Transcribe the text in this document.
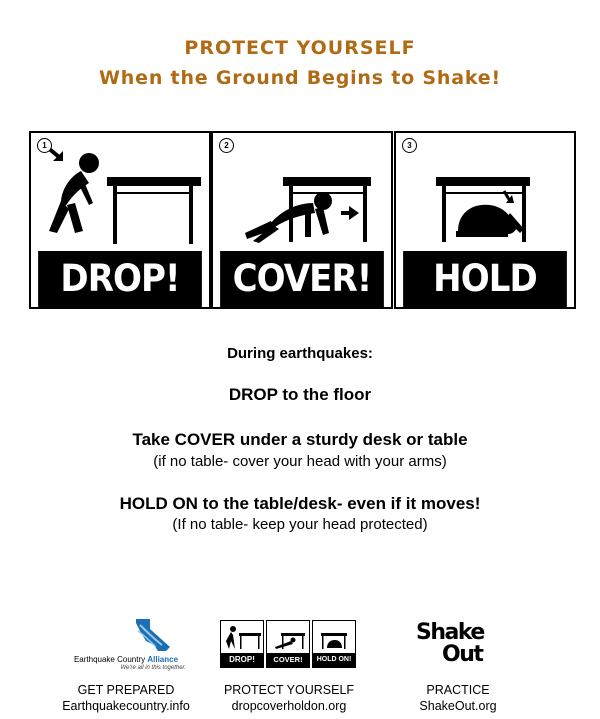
PROTECT YOURSELF
When the Ground Begins to Shake!
1
DROP!
2
COVER!
3
HOLD ON!

During earthquakes:

DROP to the floor

Take COVER under a sturdy desk or table

(if no table- cover your head with your arms)

HOLD ON to the table/desk- even if it moves!

(If no table- keep your head protected)

Earthquake Country Alliance
We're all in this together.
DROP!	COVER!	HOLD ON!
Shake
Out
GET PREPARED
Earthquakecountry.info
PROTECT YOURSELF
dropcoverholdon.org
PRACTICE
ShakeOut.org
